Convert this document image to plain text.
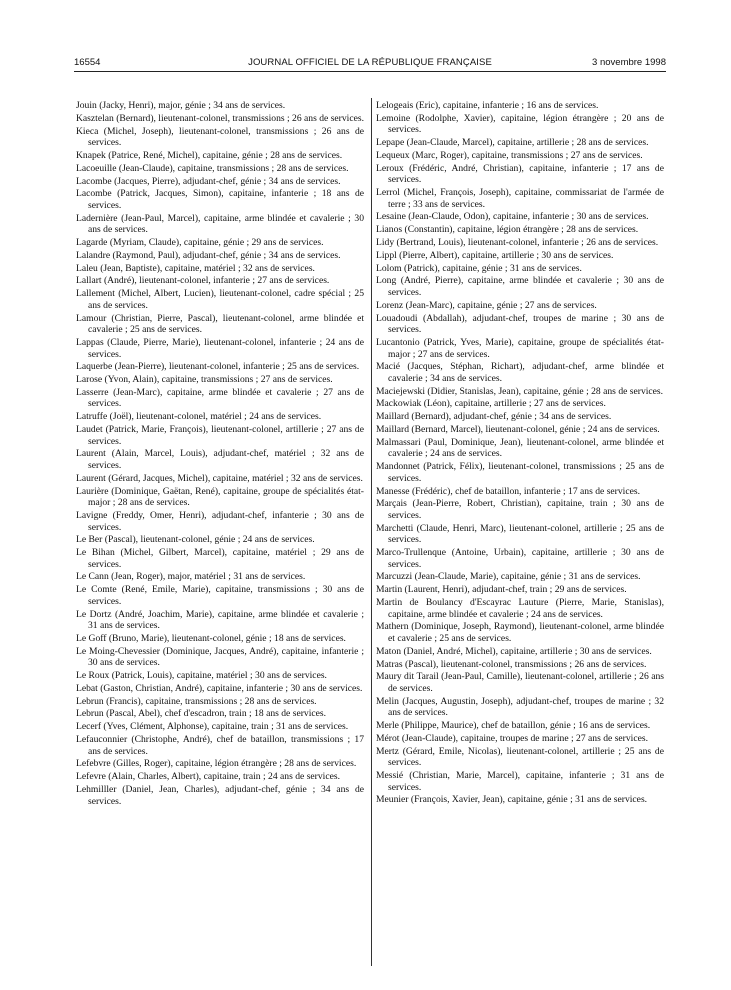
16554	JOURNAL OFFICIEL DE LA RÉPUBLIQUE FRANÇAISE	3 novembre 1998

Jouin (Jacky, Henri), major, génie ; 34 ans de services.

Kasztelan (Bernard), lieutenant-colonel, transmissions ; 26 ans de services.

Kieca (Michel, Joseph), lieutenant-colonel, transmissions ; 26 ans de services.

Knapek (Patrice, René, Michel), capitaine, génie ; 28 ans de services.

Lacoeuille (Jean-Claude), capitaine, transmissions ; 28 ans de services.

Lacombe (Jacques, Pierre), adjudant-chef, génie ; 34 ans de services.

Lacombe (Patrick, Jacques, Simon), capitaine, infanterie ; 18 ans de services.

Ladernière (Jean-Paul, Marcel), capitaine, arme blindée et cavalerie ; 30 ans de services.

Lagarde (Myriam, Claude), capitaine, génie ; 29 ans de services.

Lalandre (Raymond, Paul), adjudant-chef, génie ; 34 ans de services.

Laleu (Jean, Baptiste), capitaine, matériel ; 32 ans de services.

Lallart (André), lieutenant-colonel, infanterie ; 27 ans de services.

Lallement (Michel, Albert, Lucien), lieutenant-colonel, cadre spécial ; 25 ans de services.

Lamour (Christian, Pierre, Pascal), lieutenant-colonel, arme blindée et cavalerie ; 25 ans de services.

Lappas (Claude, Pierre, Marie), lieutenant-colonel, infanterie ; 24 ans de services.

Laquerbe (Jean-Pierre), lieutenant-colonel, infanterie ; 25 ans de services.

Larose (Yvon, Alain), capitaine, transmissions ; 27 ans de services.

Lasserre (Jean-Marc), capitaine, arme blindée et cavalerie ; 27 ans de services.

Latruffe (Joël), lieutenant-colonel, matériel ; 24 ans de services.

Laudet (Patrick, Marie, François), lieutenant-colonel, artillerie ; 27 ans de services.

Laurent (Alain, Marcel, Louis), adjudant-chef, matériel ; 32 ans de services.

Laurent (Gérard, Jacques, Michel), capitaine, matériel ; 32 ans de services.

Laurière (Dominique, Gaëtan, René), capitaine, groupe de spécialités état-major ; 28 ans de services.

Lavigne (Freddy, Omer, Henri), adjudant-chef, infanterie ; 30 ans de services.

Le Ber (Pascal), lieutenant-colonel, génie ; 24 ans de services.

Le Bihan (Michel, Gilbert, Marcel), capitaine, matériel ; 29 ans de services.

Le Cann (Jean, Roger), major, matériel ; 31 ans de services.

Le Comte (René, Emile, Marie), capitaine, transmissions ; 30 ans de services.

Le Dortz (André, Joachim, Marie), capitaine, arme blindée et cavalerie ; 31 ans de services.

Le Goff (Bruno, Marie), lieutenant-colonel, génie ; 18 ans de services.

Le Moing-Chevessier (Dominique, Jacques, André), capitaine, infanterie ; 30 ans de services.

Le Roux (Patrick, Louis), capitaine, matériel ; 30 ans de services.

Lebat (Gaston, Christian, André), capitaine, infanterie ; 30 ans de services.

Lebrun (Francis), capitaine, transmissions ; 28 ans de services.

Lebrun (Pascal, Abel), chef d'escadron, train ; 18 ans de services.

Lecerf (Yves, Clément, Alphonse), capitaine, train ; 31 ans de services.

Lefauconnier (Christophe, André), chef de bataillon, transmissions ; 17 ans de services.

Lefebvre (Gilles, Roger), capitaine, légion étrangère ; 28 ans de services.

Lefevre (Alain, Charles, Albert), capitaine, train ; 24 ans de services.

Lehmilller (Daniel, Jean, Charles), adjudant-chef, génie ; 34 ans de services.

Lelogeais (Eric), capitaine, infanterie ; 16 ans de services.

Lemoine (Rodolphe, Xavier), capitaine, légion étrangère ; 20 ans de services.

Lepape (Jean-Claude, Marcel), capitaine, artillerie ; 28 ans de services.

Lequeux (Marc, Roger), capitaine, transmissions ; 27 ans de services.

Leroux (Frédéric, André, Christian), capitaine, infanterie ; 17 ans de services.

Lerrol (Michel, François, Joseph), capitaine, commissariat de l'armée de terre ; 33 ans de services.

Lesaine (Jean-Claude, Odon), capitaine, infanterie ; 30 ans de services.

Lianos (Constantin), capitaine, légion étrangère ; 28 ans de services.

Lidy (Bertrand, Louis), lieutenant-colonel, infanterie ; 26 ans de services.

Lippl (Pierre, Albert), capitaine, artillerie ; 30 ans de services.

Lolom (Patrick), capitaine, génie ; 31 ans de services.

Long (André, Pierre), capitaine, arme blindée et cavalerie ; 30 ans de services.

Lorenz (Jean-Marc), capitaine, génie ; 27 ans de services.

Louadoudi (Abdallah), adjudant-chef, troupes de marine ; 30 ans de services.

Lucantonio (Patrick, Yves, Marie), capitaine, groupe de spécialités état-major ; 27 ans de services.

Macié (Jacques, Stéphan, Richart), adjudant-chef, arme blindée et cavalerie ; 34 ans de services.

Maciejewski (Didier, Stanislas, Jean), capitaine, génie ; 28 ans de services.

Mackowiak (Léon), capitaine, artillerie ; 27 ans de services.

Maillard (Bernard), adjudant-chef, génie ; 34 ans de services.

Maillard (Bernard, Marcel), lieutenant-colonel, génie ; 24 ans de services.

Malmassari (Paul, Dominique, Jean), lieutenant-colonel, arme blindée et cavalerie ; 24 ans de services.

Mandonnet (Patrick, Félix), lieutenant-colonel, transmissions ; 25 ans de services.

Manesse (Frédéric), chef de bataillon, infanterie ; 17 ans de services.

Marçais (Jean-Pierre, Robert, Christian), capitaine, train ; 30 ans de services.

Marchetti (Claude, Henri, Marc), lieutenant-colonel, artillerie ; 25 ans de services.

Marco-Trullenque (Antoine, Urbain), capitaine, artillerie ; 30 ans de services.

Marcuzzi (Jean-Claude, Marie), capitaine, génie ; 31 ans de services.

Martin (Laurent, Henri), adjudant-chef, train ; 29 ans de services.

Martin de Boulancy d'Escayrac Lauture (Pierre, Marie, Stanislas), capitaine, arme blindée et cavalerie ; 24 ans de services.

Mathern (Dominique, Joseph, Raymond), lieutenant-colonel, arme blindée et cavalerie ; 25 ans de services.

Maton (Daniel, André, Michel), capitaine, artillerie ; 30 ans de services.

Matras (Pascal), lieutenant-colonel, transmissions ; 26 ans de services.

Maury dit Tarail (Jean-Paul, Camille), lieutenant-colonel, artillerie ; 26 ans de services.

Melin (Jacques, Augustin, Joseph), adjudant-chef, troupes de marine ; 32 ans de services.

Merle (Philippe, Maurice), chef de bataillon, génie ; 16 ans de services.

Mérot (Jean-Claude), capitaine, troupes de marine ; 27 ans de services.

Mertz (Gérard, Emile, Nicolas), lieutenant-colonel, artillerie ; 25 ans de services.

Messié (Christian, Marie, Marcel), capitaine, infanterie ; 31 ans de services.

Meunier (François, Xavier, Jean), capitaine, génie ; 31 ans de services.
